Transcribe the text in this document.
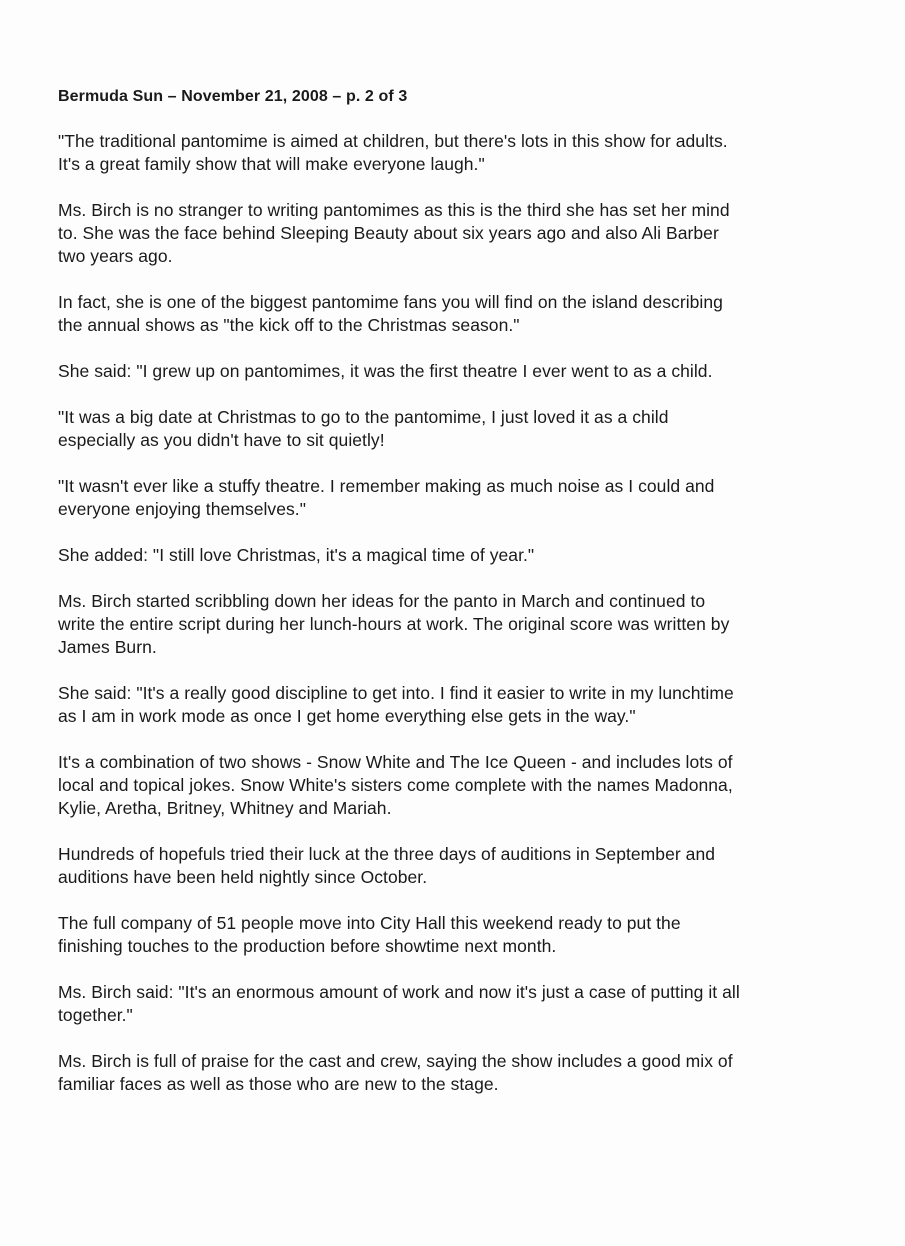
Bermuda Sun – November 21, 2008 – p. 2 of 3
"The traditional pantomime is aimed at children, but there's lots in this show for adults.
It's a great family show that will make everyone laugh."
Ms. Birch is no stranger to writing pantomimes as this is the third she has set her mind
to. She was the face behind Sleeping Beauty about six years ago and also Ali Barber
two years ago.
In fact, she is one of the biggest pantomime fans you will find on the island describing
the annual shows as "the kick off to the Christmas season."
She said: "I grew up on pantomimes, it was the first theatre I ever went to as a child.
"It was a big date at Christmas to go to the pantomime, I just loved it as a child
especially as you didn't have to sit quietly!
"It wasn't ever like a stuffy theatre. I remember making as much noise as I could and
everyone enjoying themselves."
She added: "I still love Christmas, it's a magical time of year."
Ms. Birch started scribbling down her ideas for the panto in March and continued to
write the entire script during her lunch-hours at work. The original score was written by
James Burn.
She said: "It's a really good discipline to get into. I find it easier to write in my lunchtime
as I am in work mode as once I get home everything else gets in the way."
It's a combination of two shows - Snow White and The Ice Queen - and includes lots of
local and topical jokes. Snow White's sisters come complete with the names Madonna,
Kylie, Aretha, Britney, Whitney and Mariah.
Hundreds of hopefuls tried their luck at the three days of auditions in September and
auditions have been held nightly since October.
The full company of 51 people move into City Hall this weekend ready to put the
finishing touches to the production before showtime next month.
Ms. Birch said: "It's an enormous amount of work and now it's just a case of putting it all
together."
Ms. Birch is full of praise for the cast and crew, saying the show includes a good mix of
familiar faces as well as those who are new to the stage.
